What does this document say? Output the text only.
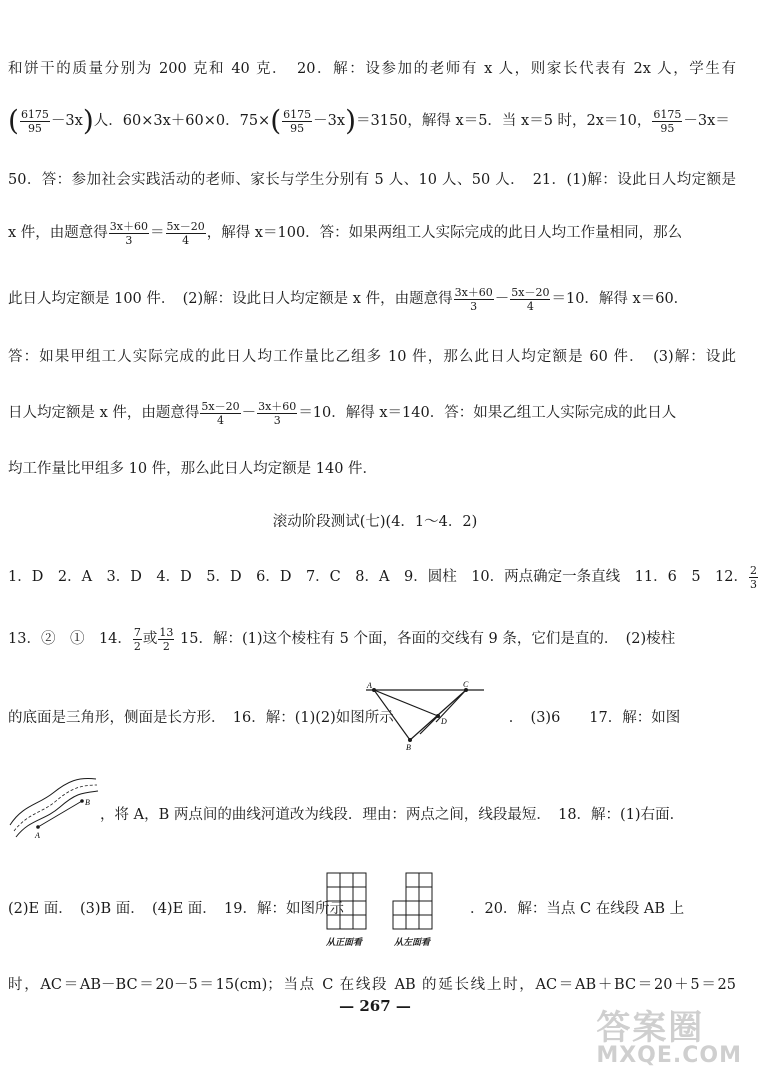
和饼干的质量分别为 200 克和 40 克．　20．解：设参加的老师有 x 人，则家长代表有 2x 人，学生有
( $\frac{6175}{95} -3x$)人．60×3x＋60×0．$75\times( \frac{6175}{95} -3x)=3150$，解得 x＝5．当 x＝5 时，2x＝10， $\frac{6175}{95} -3x=$
50．答：参加社会实践活动的老师、家长与学生分别有 5 人、10 人、50 人．　21．(1)解：设此日人均定额是
x 件，由题意得 $\frac{3x+60}{3} = \frac{5x-20}{4}$ ，解得 x＝100．答：如果两组工人实际完成的此日人均工作量相同，那么
此日人均定额是 100 件．　(2)解：设此日人均定额是 x 件，由题意得 $\frac{3x+60}{3} - \frac{5x-20}{4} =10$．解得 x＝60．
答：如果甲组工人实际完成的此日人均工作量比乙组多 10 件，那么此日人均定额是 60 件．　(3)解：设此
日人均定额是 x 件，由题意得 $\frac{5x-20}{4} - \frac{3x+60}{3} =10$．解得 x＝140．答：如果乙组工人实际完成的此日人
均工作量比甲组多 10 件，那么此日人均定额是 140 件．
滚动阶段测试(七)(4．1～4．2)
1．D　2．A　3．D　4．D　5．D　6．D　7．C　8．A　9．圆柱　10．两点确定一条直线　11．6　5　12． $\frac{2}{3}$
13．②　①　14． $\frac{7}{2}$ 或 $\frac{13}{2} 15$．解：(1)这个棱柱有 5 个面，各面的交线有 9 条，它们是直的．　(2)棱柱
的底面是三角形，侧面是长方形．　16．解：(1)(2)如图所示	．　(3)6　　17．解：如图
A	C
D
B
A
B
，将 A，B 两点间的曲线河道改为线段．理由：两点之间，线段最短．　18．解：(1)右面．
(2)E 面．　(3)B 面．　(4)E 面．　19．解：如图所示	．20．解：当点 C 在线段 AB 上
从正面看	从左面看
时，AC＝AB－BC＝20－5＝15(cm)；当点 C 在线段 AB 的延长线上时，AC＝AB＋BC＝20＋5＝25
— 267 —
答案圈
MXQE.COM
